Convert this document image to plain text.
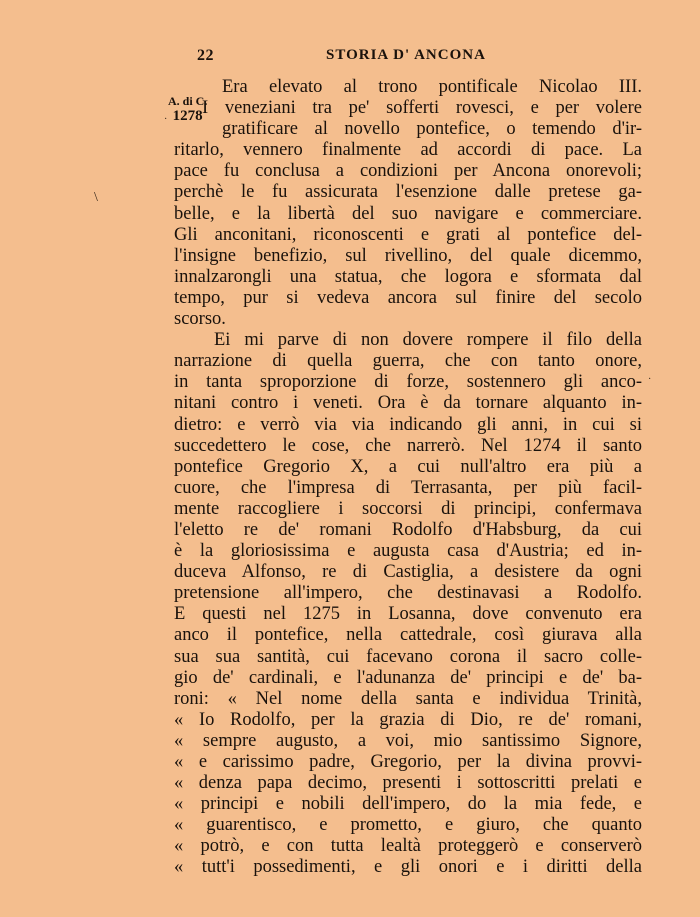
22	STORIA D' ANCONA
A. di C.
1278
Era elevato al trono pontificale Nicolao III.
I veneziani tra pe' sofferti rovesci, e per volere
gratificare al novello pontefice, o temendo d'ir-
ritarlo, vennero finalmente ad accordi di pace. La
pace fu conclusa a condizioni per Ancona onorevoli;
perchè le fu assicurata l'esenzione dalle pretese ga-
belle, e la libertà del suo navigare e commerciare.
Gli anconitani, riconoscenti e grati al pontefice del-
l'insigne benefizio, sul rivellino, del quale dicemmo,
innalzarongli una statua, che logora e sformata dal
tempo, pur si vedeva ancora sul finire del secolo
scorso.
Ei mi parve di non dovere rompere il filo della
narrazione di quella guerra, che con tanto onore,
in tanta sproporzione di forze, sostennero gli anco-
nitani contro i veneti. Ora è da tornare alquanto in-
dietro: e verrò via via indicando gli anni, in cui si
succedettero le cose, che narrerò. Nel 1274 il santo
pontefice Gregorio X, a cui null'altro era più a
cuore, che l'impresa di Terrasanta, per più facil-
mente raccogliere i soccorsi di principi, confermava
l'eletto re de' romani Rodolfo d'Habsburg, da cui
è la gloriosissima e augusta casa d'Austria; ed in-
duceva Alfonso, re di Castiglia, a desistere da ogni
pretensione all'impero, che destinavasi a Rodolfo.
E questi nel 1275 in Losanna, dove convenuto era
anco il pontefice, nella cattedrale, così giurava alla
sua sua santità, cui facevano corona il sacro colle-
gio de' cardinali, e l'adunanza de' principi e de' ba-
roni: « Nel nome della santa e individua Trinità,
« Io Rodolfo, per la grazia di Dio, re de' romani,
« sempre augusto, a voi, mio santissimo Signore,
« e carissimo padre, Gregorio, per la divina provvi-
« denza papa decimo, presenti i sottoscritti prelati e
« principi e nobili dell'impero, do la mia fede, e
« guarentisco, e prometto, e giuro, che quanto
« potrò, e con tutta lealtà proteggerò e conserverò
« tutt'i possedimenti, e gli onori e i diritti della
\
·
·
